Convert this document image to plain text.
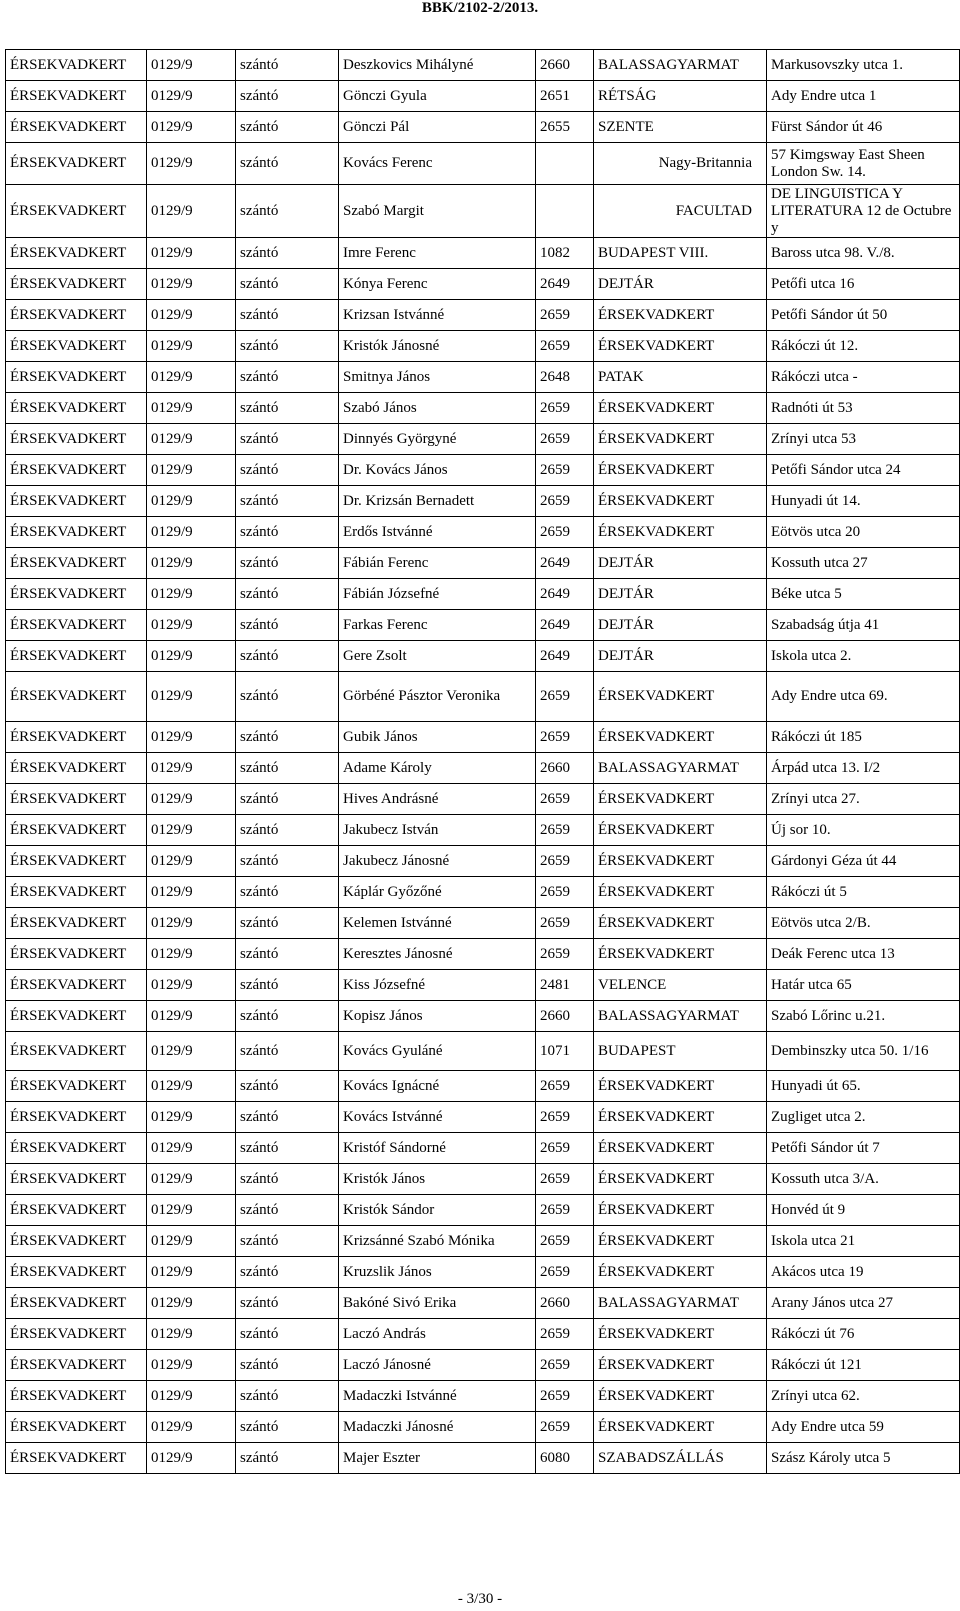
BBK/2102-2/2013.
ÉRSEKVADKERT	0129/9	szántó	Deszkovics Mihályné	2660	BALASSAGYARMAT	Markusovszky utca 1.
ÉRSEKVADKERT	0129/9	szántó	Gönczi Gyula	2651	RÉTSÁG	Ady Endre utca 1
ÉRSEKVADKERT	0129/9	szántó	Gönczi Pál	2655	SZENTE	Fürst Sándor út 46
ÉRSEKVADKERT	0129/9	szántó	Kovács Ferenc		Nagy-Britannia	57 Kimgsway East Sheen London Sw. 14.
ÉRSEKVADKERT	0129/9	szántó	Szabó Margit		FACULTAD	DE LINGUISTICA Y LITERATURA 12 de Octubre y
ÉRSEKVADKERT	0129/9	szántó	Imre Ferenc	1082	BUDAPEST VIII.	Baross utca 98. V./8.
ÉRSEKVADKERT	0129/9	szántó	Kónya Ferenc	2649	DEJTÁR	Petőfi utca 16
ÉRSEKVADKERT	0129/9	szántó	Krizsan Istvánné	2659	ÉRSEKVADKERT	Petőfi Sándor út 50
ÉRSEKVADKERT	0129/9	szántó	Kristók Jánosné	2659	ÉRSEKVADKERT	Rákóczi út 12.
ÉRSEKVADKERT	0129/9	szántó	Smitnya János	2648	PATAK	Rákóczi utca -
ÉRSEKVADKERT	0129/9	szántó	Szabó János	2659	ÉRSEKVADKERT	Radnóti út 53
ÉRSEKVADKERT	0129/9	szántó	Dinnyés Györgyné	2659	ÉRSEKVADKERT	Zrínyi utca 53
ÉRSEKVADKERT	0129/9	szántó	Dr. Kovács János	2659	ÉRSEKVADKERT	Petőfi Sándor utca 24
ÉRSEKVADKERT	0129/9	szántó	Dr. Krizsán Bernadett	2659	ÉRSEKVADKERT	Hunyadi út 14.
ÉRSEKVADKERT	0129/9	szántó	Erdős Istvánné	2659	ÉRSEKVADKERT	Eötvös utca 20
ÉRSEKVADKERT	0129/9	szántó	Fábián Ferenc	2649	DEJTÁR	Kossuth utca 27
ÉRSEKVADKERT	0129/9	szántó	Fábián Józsefné	2649	DEJTÁR	Béke utca 5
ÉRSEKVADKERT	0129/9	szántó	Farkas Ferenc	2649	DEJTÁR	Szabadság útja 41
ÉRSEKVADKERT	0129/9	szántó	Gere Zsolt	2649	DEJTÁR	Iskola utca 2.
ÉRSEKVADKERT	0129/9	szántó	Görbéné Pásztor Veronika	2659	ÉRSEKVADKERT	Ady Endre utca 69.
ÉRSEKVADKERT	0129/9	szántó	Gubik János	2659	ÉRSEKVADKERT	Rákóczi út 185
ÉRSEKVADKERT	0129/9	szántó	Adame Károly	2660	BALASSAGYARMAT	Árpád utca 13. I/2
ÉRSEKVADKERT	0129/9	szántó	Hives Andrásné	2659	ÉRSEKVADKERT	Zrínyi utca 27.
ÉRSEKVADKERT	0129/9	szántó	Jakubecz István	2659	ÉRSEKVADKERT	Új sor 10.
ÉRSEKVADKERT	0129/9	szántó	Jakubecz Jánosné	2659	ÉRSEKVADKERT	Gárdonyi Géza út 44
ÉRSEKVADKERT	0129/9	szántó	Káplár Győzőné	2659	ÉRSEKVADKERT	Rákóczi út 5
ÉRSEKVADKERT	0129/9	szántó	Kelemen Istvánné	2659	ÉRSEKVADKERT	Eötvös utca 2/B.
ÉRSEKVADKERT	0129/9	szántó	Keresztes Jánosné	2659	ÉRSEKVADKERT	Deák Ferenc utca 13
ÉRSEKVADKERT	0129/9	szántó	Kiss Józsefné	2481	VELENCE	Határ utca 65
ÉRSEKVADKERT	0129/9	szántó	Kopisz János	2660	BALASSAGYARMAT	Szabó Lőrinc u.21.
ÉRSEKVADKERT	0129/9	szántó	Kovács Gyuláné	1071	BUDAPEST	Dembinszky utca 50. 1/16
ÉRSEKVADKERT	0129/9	szántó	Kovács Ignácné	2659	ÉRSEKVADKERT	Hunyadi út 65.
ÉRSEKVADKERT	0129/9	szántó	Kovács Istvánné	2659	ÉRSEKVADKERT	Zugliget utca 2.
ÉRSEKVADKERT	0129/9	szántó	Kristóf Sándorné	2659	ÉRSEKVADKERT	Petőfi Sándor út 7
ÉRSEKVADKERT	0129/9	szántó	Kristók János	2659	ÉRSEKVADKERT	Kossuth utca 3/A.
ÉRSEKVADKERT	0129/9	szántó	Kristók Sándor	2659	ÉRSEKVADKERT	Honvéd út 9
ÉRSEKVADKERT	0129/9	szántó	Krizsánné Szabó Mónika	2659	ÉRSEKVADKERT	Iskola utca 21
ÉRSEKVADKERT	0129/9	szántó	Kruzslik János	2659	ÉRSEKVADKERT	Akácos utca 19
ÉRSEKVADKERT	0129/9	szántó	Bakóné Sivó Erika	2660	BALASSAGYARMAT	Arany János utca 27
ÉRSEKVADKERT	0129/9	szántó	Laczó András	2659	ÉRSEKVADKERT	Rákóczi út 76
ÉRSEKVADKERT	0129/9	szántó	Laczó Jánosné	2659	ÉRSEKVADKERT	Rákóczi út 121
ÉRSEKVADKERT	0129/9	szántó	Madaczki Istvánné	2659	ÉRSEKVADKERT	Zrínyi utca 62.
ÉRSEKVADKERT	0129/9	szántó	Madaczki Jánosné	2659	ÉRSEKVADKERT	Ady Endre utca 59
ÉRSEKVADKERT	0129/9	szántó	Majer Eszter	6080	SZABADSZÁLLÁS	Szász Károly utca 5
- 3/30 -
